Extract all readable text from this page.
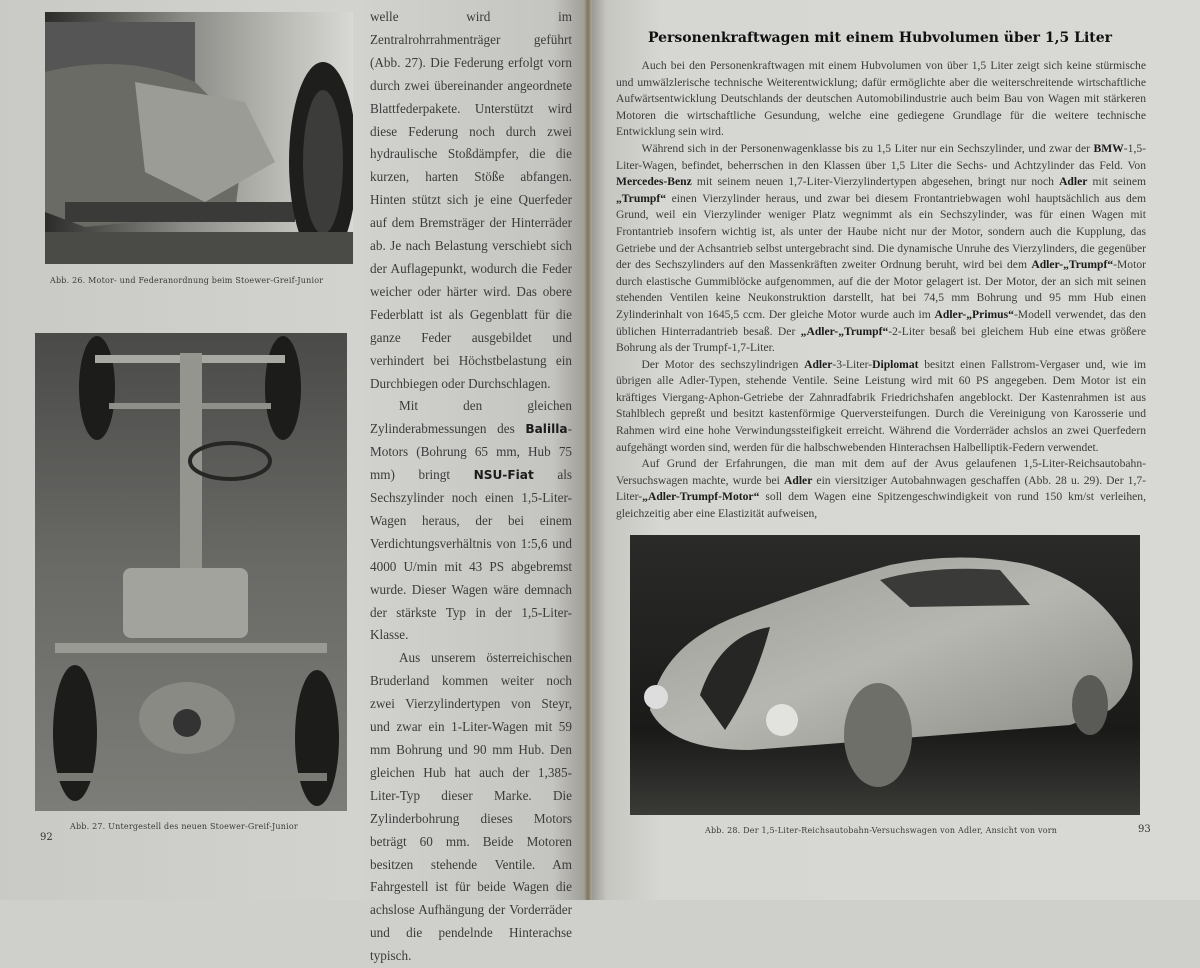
Abb. 26. Motor- und Federanordnung beim Stoewer-Greif-Junior
Abb. 27. Untergestell des neuen Stoewer-Greif-Junior
92

welle wird im Zentralrohrrahmenträger geführt (Abb. 27). Die Federung erfolgt vorn durch zwei übereinander angeordnete Blattfederpakete. Unterstützt wird diese Federung noch durch zwei hydraulische Stoßdämpfer, die die kurzen, harten Stöße abfangen. Hinten stützt sich je eine Querfeder auf dem Bremsträger der Hinterräder ab. Je nach Belastung verschiebt sich der Auflagepunkt, wodurch die Feder weicher oder härter wird. Das obere Federblatt ist als Gegenblatt für die ganze Feder ausgebildet und verhindert bei Höchstbelastung ein Durchbiegen oder Durchschlagen.

Mit den gleichen Zylinderabmessungen des Balilla-Motors (Bohrung 65 mm, Hub 75 mm) bringt NSU-Fiat als Sechszylinder noch einen 1,5-Liter-Wagen heraus, der bei einem Verdichtungsverhältnis von 1:5,6 und 4000 U/min mit 43 PS abgebremst wurde. Dieser Wagen wäre demnach der stärkste Typ in der 1,5-Liter-Klasse.

Aus unserem österreichischen Bruderland kommen weiter noch zwei Vierzylindertypen von Steyr, und zwar ein 1-Liter-Wagen mit 59 mm Bohrung und 90 mm Hub. Den gleichen Hub hat auch der 1,385-Liter-Typ dieser Marke. Die Zylinderbohrung dieses Motors beträgt 60 mm. Beide Motoren besitzen stehende Ventile. Am Fahrgestell ist für beide Wagen die achslose Aufhängung der Vorderräder und die pendelnde Hinterachse typisch.

Personenkraftwagen mit einem Hubvolumen über 1,5 Liter

Auch bei den Personenkraftwagen mit einem Hubvolumen von über 1,5 Liter zeigt sich keine stürmische und umwälzlerische technische Weiterentwicklung; dafür ermöglichte aber die weiterschreitende wirtschaftliche Aufwärtsentwicklung Deutschlands der deutschen Automobilindustrie auch beim Bau von Wagen mit stärkeren Motoren die wirtschaftliche Gesundung, welche eine gediegene Grundlage für die weitere technische Entwicklung sein wird.

Während sich in der Personenwagenklasse bis zu 1,5 Liter nur ein Sechszylinder, und zwar der BMW-1,5-Liter-Wagen, befindet, beherrschen in den Klassen über 1,5 Liter die Sechs- und Achtzylinder das Feld. Von Mercedes-Benz mit seinem neuen 1,7-Liter-Vierzylindertypen abgesehen, bringt nur noch Adler mit seinem „Trumpf“ einen Vierzylinder heraus, und zwar bei diesem Frontantriebwagen wohl hauptsächlich aus dem Grund, weil ein Vierzylinder weniger Platz wegnimmt als ein Sechszylinder, was für einen Wagen mit Frontantrieb insofern wichtig ist, als unter der Haube nicht nur der Motor, sondern auch die Kupplung, das Getriebe und der Achsantrieb selbst untergebracht sind. Die dynamische Unruhe des Vierzylinders, die gegenüber der des Sechszylinders auf den Massenkräften zweiter Ordnung beruht, wird bei dem Adler-„Trumpf“-Motor durch elastische Gummiblöcke aufgenommen, auf die der Motor gelagert ist. Der Motor, der an sich mit seinen stehenden Ventilen keine Neukonstruktion darstellt, hat bei 74,5 mm Bohrung und 95 mm Hub einen Zylinderinhalt von 1645,5 ccm. Der gleiche Motor wurde auch im Adler-„Primus“-Modell verwendet, das den üblichen Hinterradantrieb besaß. Der „Adler-„Trumpf“-2-Liter besaß bei gleichem Hub eine etwas größere Bohrung als der Trumpf-1,7-Liter.

Der Motor des sechszylindrigen Adler-3-Liter-Diplomat besitzt einen Fallstrom-Vergaser und, wie im übrigen alle Adler-Typen, stehende Ventile. Seine Leistung wird mit 60 PS angegeben. Dem Motor ist ein kräftiges Viergang-Aphon-Getriebe der Zahnradfabrik Friedrichshafen angeblockt. Der Kastenrahmen ist aus Stahlblech gepreßt und besitzt kastenförmige Querversteifungen. Durch die Vereinigung von Karosserie und Rahmen wird eine hohe Verwindungssteifigkeit erreicht. Während die Vorderräder achslos an zwei Querfedern aufgehängt worden sind, werden für die halbschwebenden Hinterachsen Halbelliptik-Federn verwendet.

Auf Grund der Erfahrungen, die man mit dem auf der Avus gelaufenen 1,5-Liter-Reichsautobahn-Versuchswagen machte, wurde bei Adler ein viersitziger Autobahnwagen geschaffen (Abb. 28 u. 29). Der 1,7-Liter-„Adler-Trumpf-Motor“ soll dem Wagen eine Spitzengeschwindigkeit von rund 150 km/st verleihen, gleichzeitig aber eine Elastizität aufweisen,

Abb. 28. Der 1,5-Liter-Reichsautobahn-Versuchswagen von Adler, Ansicht von vorn	93
